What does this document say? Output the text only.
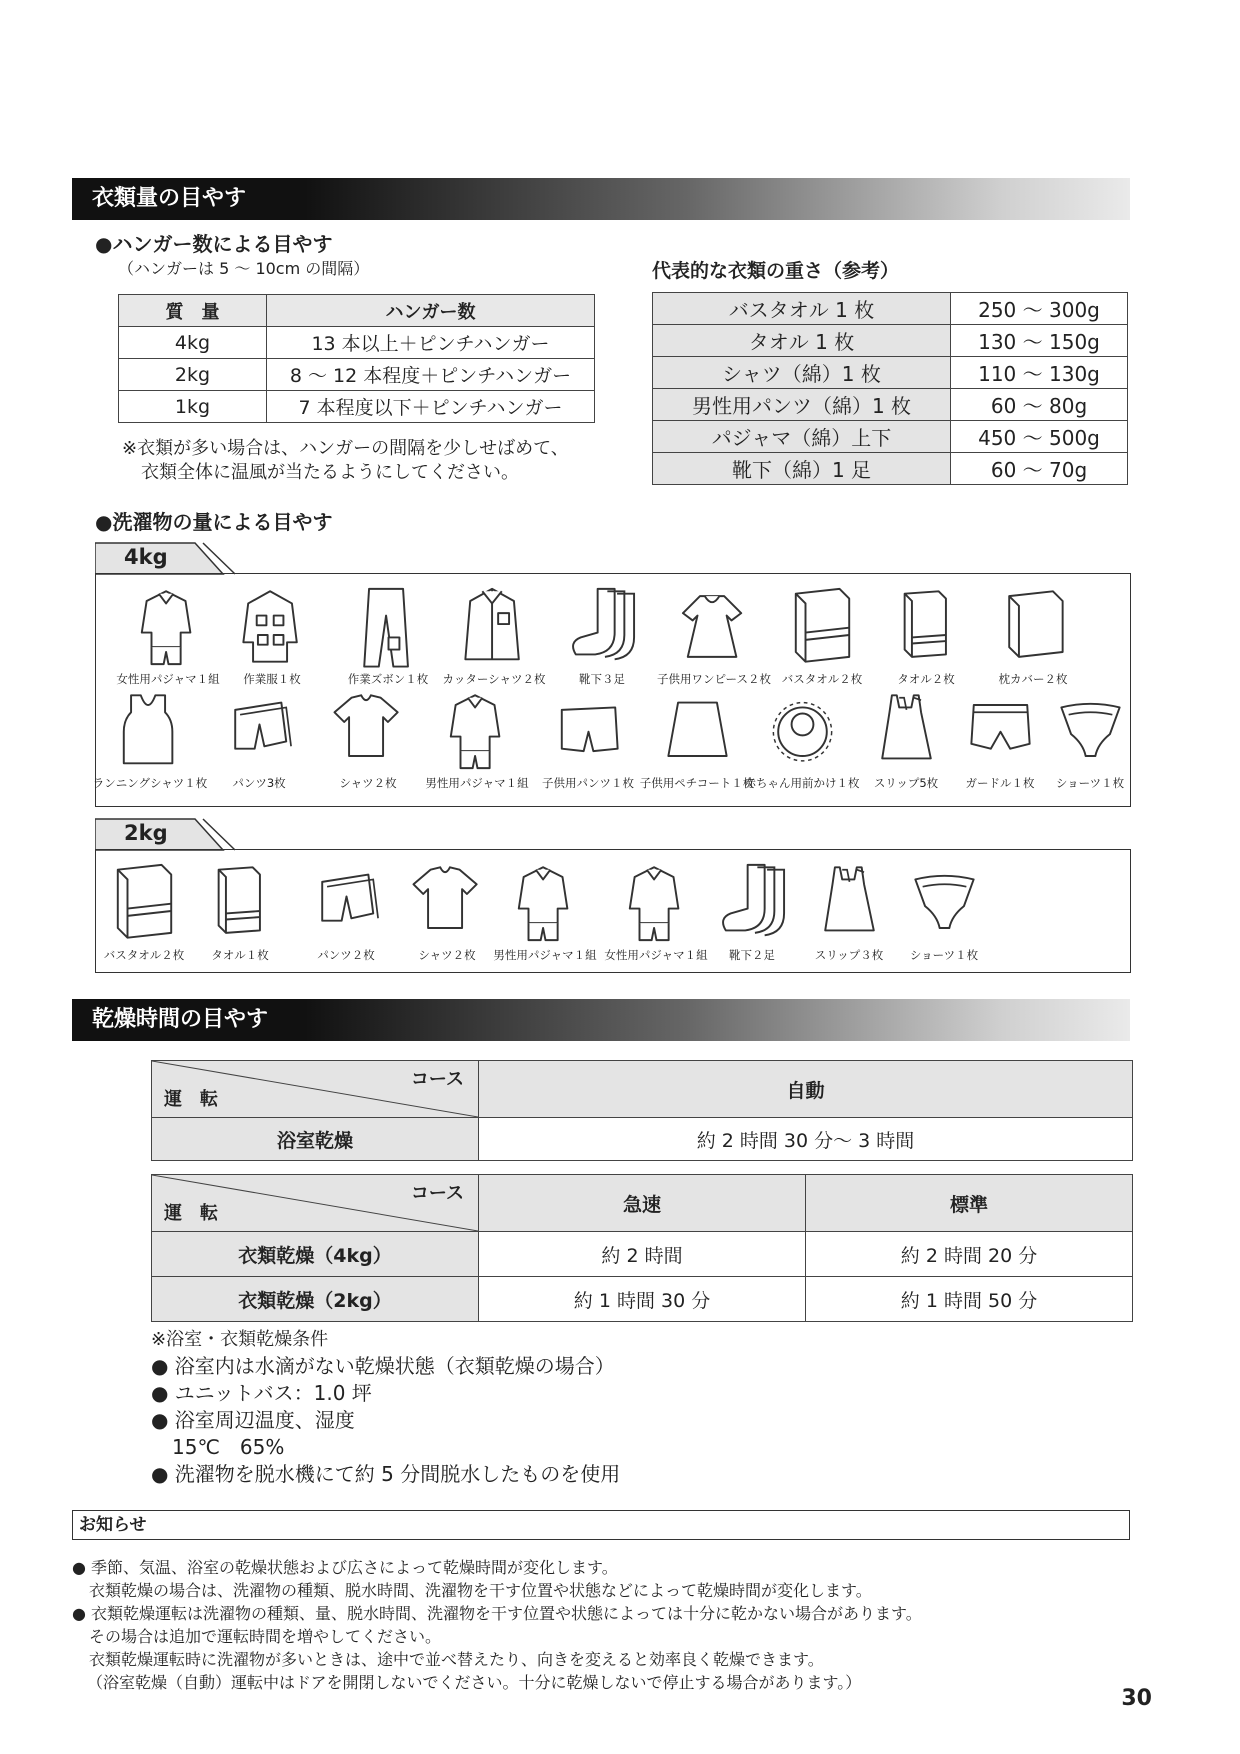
衣類量の目やす
●ハンガー数による目やす
（ハンガーは 5 ～ 10cm の間隔）
質　量	ハンガー数
4kg	13 本以上＋ピンチハンガー
2kg	8 ～ 12 本程度＋ピンチハンガー
1kg	7 本程度以下＋ピンチハンガー
※衣類が多い場合は、ハンガーの間隔を少しせばめて、
衣類全体に温風が当たるようにしてください。
代表的な衣類の重さ（参考）
バスタオル 1 枚	250 ～ 300g
タオル 1 枚	130 ～ 150g
シャツ（綿）1 枚	110 ～ 130g
男性用パンツ（綿）1 枚	60 ～ 80g
パジャマ（綿）上下	450 ～ 500g
靴下（綿）1 足	60 ～ 70g
●洗濯物の量による目やす
4kg
女性用パジャマ１組	作業服１枚	作業ズボン１枚	カッターシャツ２枚	靴下３足	子供用ワンピース２枚 バスタオル２枚	タオル２枚	枕カバー２枚
ランニングシャツ１枚	パンツ3枚	シャツ２枚	男性用パジャマ１組	子供用パンツ１枚 子供用ペチコート１枚
赤ちゃん用前かけ１枚	スリップ5枚	ガードル１枚	ショーツ１枚
2kg
バスタオル２枚	タオル１枚	パンツ２枚	シャツ２枚	男性用パジャマ１組 女性用パジャマ１組	靴下２足	スリップ３枚	ショーツ１枚
乾燥時間の目やす
コース
運　転	自動
浴室乾燥	約 2 時間 30 分～ 3 時間
コース
運　転	急速	標準
衣類乾燥（4kg）	約 2 時間	約 2 時間 20 分
衣類乾燥（2kg）	約 1 時間 30 分	約 1 時間 50 分
※浴室・衣類乾燥条件
● 浴室内は水滴がない乾燥状態（衣類乾燥の場合）
● ユニットバス：1.0 坪
● 浴室周辺温度、湿度
15℃　65%
● 洗濯物を脱水機にて約 5 分間脱水したものを使用
お知らせ
● 季節、気温、浴室の乾燥状態および広さによって乾燥時間が変化します。
衣類乾燥の場合は、洗濯物の種類、脱水時間、洗濯物を干す位置や状態などによって乾燥時間が変化します。
● 衣類乾燥運転は洗濯物の種類、量、脱水時間、洗濯物を干す位置や状態によっては十分に乾かない場合があります。
その場合は追加で運転時間を増やしてください。
衣類乾燥運転時に洗濯物が多いときは、途中で並べ替えたり、向きを変えると効率良く乾燥できます。
（浴室乾燥（自動）運転中はドアを開閉しないでください。十分に乾燥しないで停止する場合があります。）
30
